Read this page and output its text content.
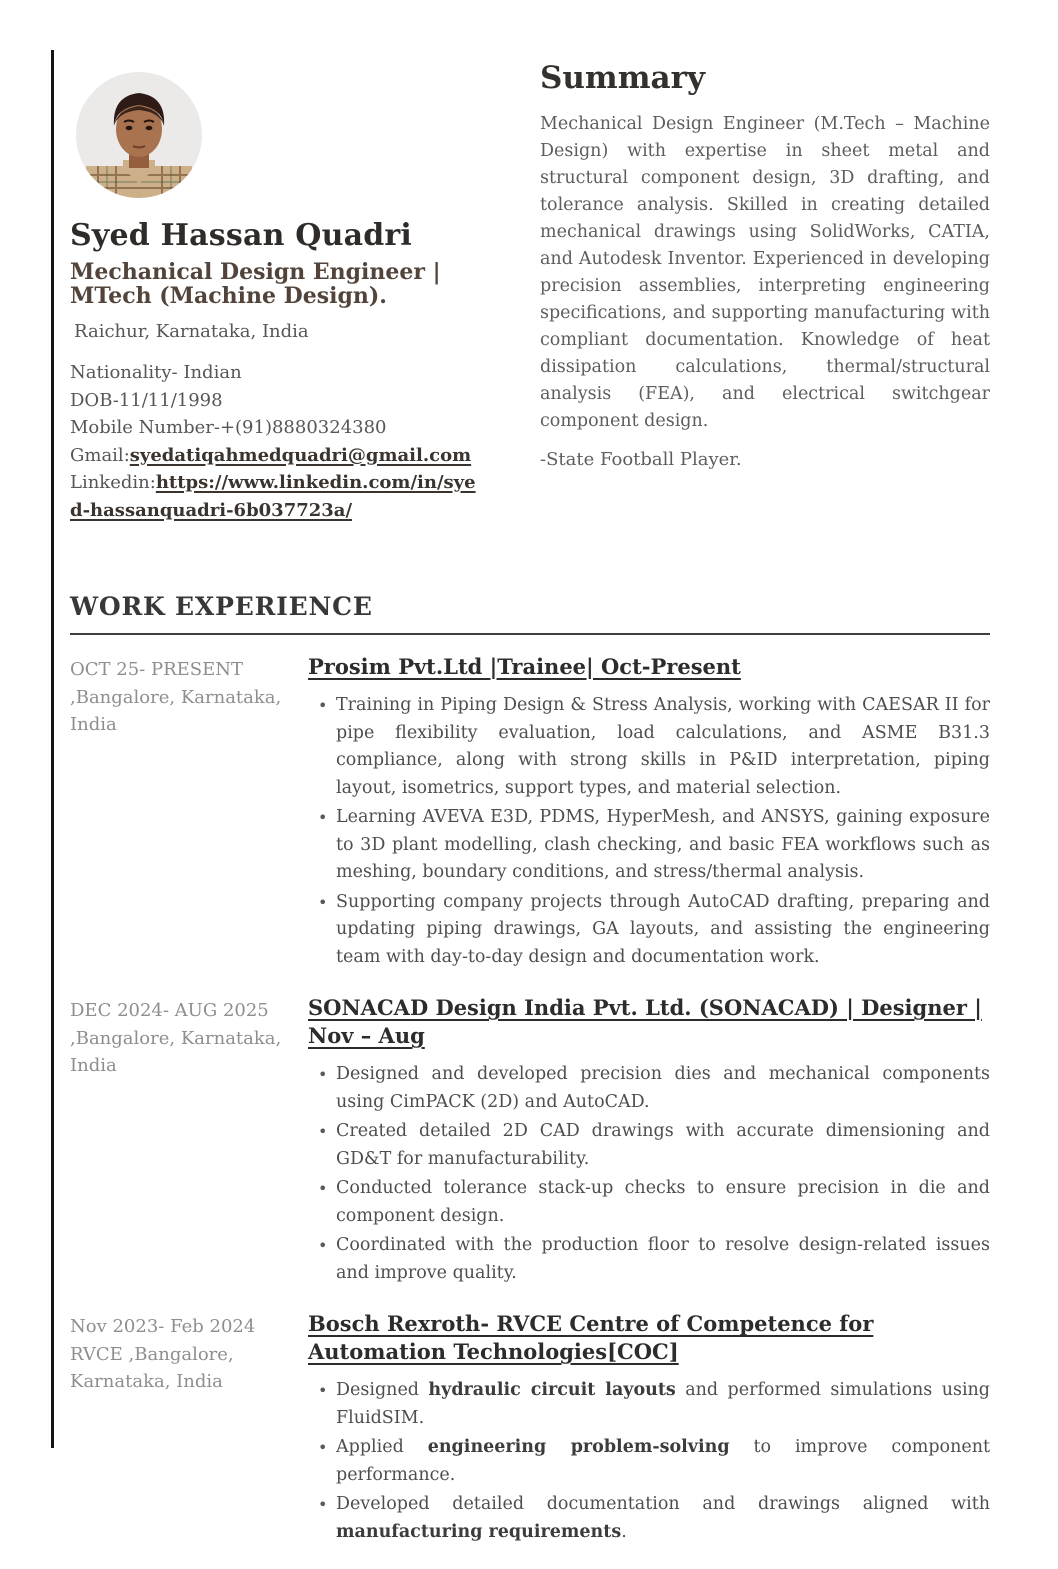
Syed Hassan Quadri
Mechanical Design Engineer | MTech (Machine Design).
Raichur, Karnataka, India
Nationality- Indian
DOB-11/11/1998
Mobile Number-+(91)8880324380
Gmail:syedatiqahmedquadri@gmail.com
Linkedin:https://www.linkedin.com/in/syed-hassanquadri-6b037723a/
Summary

Mechanical Design Engineer (M.Tech – Machine Design) with expertise in sheet metal and structural component design, 3D drafting, and tolerance analysis. Skilled in creating detailed mechanical drawings using SolidWorks, CATIA, and Autodesk Inventor. Experienced in developing precision assemblies, interpreting engineering specifications, and supporting manufacturing with compliant documentation. Knowledge of heat dissipation calculations, thermal/structural analysis (FEA), and electrical switchgear component design.

-State Football Player.

WORK EXPERIENCE
OCT 25- PRESENT
,Bangalore, Karnataka,
India
Prosim Pvt.Ltd |Trainee| Oct-Present
• Training in Piping Design & Stress Analysis, working with CAESAR II for pipe flexibility evaluation, load calculations, and ASME B31.3 compliance, along with strong skills in P&ID interpretation, piping layout, isometrics, support types, and material selection.
• Learning AVEVA E3D, PDMS, HyperMesh, and ANSYS, gaining exposure to 3D plant modelling, clash checking, and basic FEA workflows such as meshing, boundary conditions, and stress/thermal analysis.
• Supporting company projects through AutoCAD drafting, preparing and updating piping drawings, GA layouts, and assisting the engineering team with day-to-day design and documentation work.
DEC 2024- AUG 2025
,Bangalore, Karnataka,
India
SONACAD Design India Pvt. Ltd. (SONACAD) | Designer | Nov – Aug
• Designed and developed precision dies and mechanical components using CimPACK (2D) and AutoCAD.
• Created detailed 2D CAD drawings with accurate dimensioning and GD&T for manufacturability.
• Conducted tolerance stack-up checks to ensure precision in die and component design.
• Coordinated with the production floor to resolve design-related issues and improve quality.
Nov 2023- Feb 2024
RVCE ,Bangalore,
Karnataka, India
Bosch Rexroth- RVCE Centre of Competence for Automation Technologies[COC]
• Designed hydraulic circuit layouts and performed simulations using FluidSIM.
• Applied engineering problem-solving to improve component performance.
• Developed detailed documentation and drawings aligned with manufacturing requirements.
